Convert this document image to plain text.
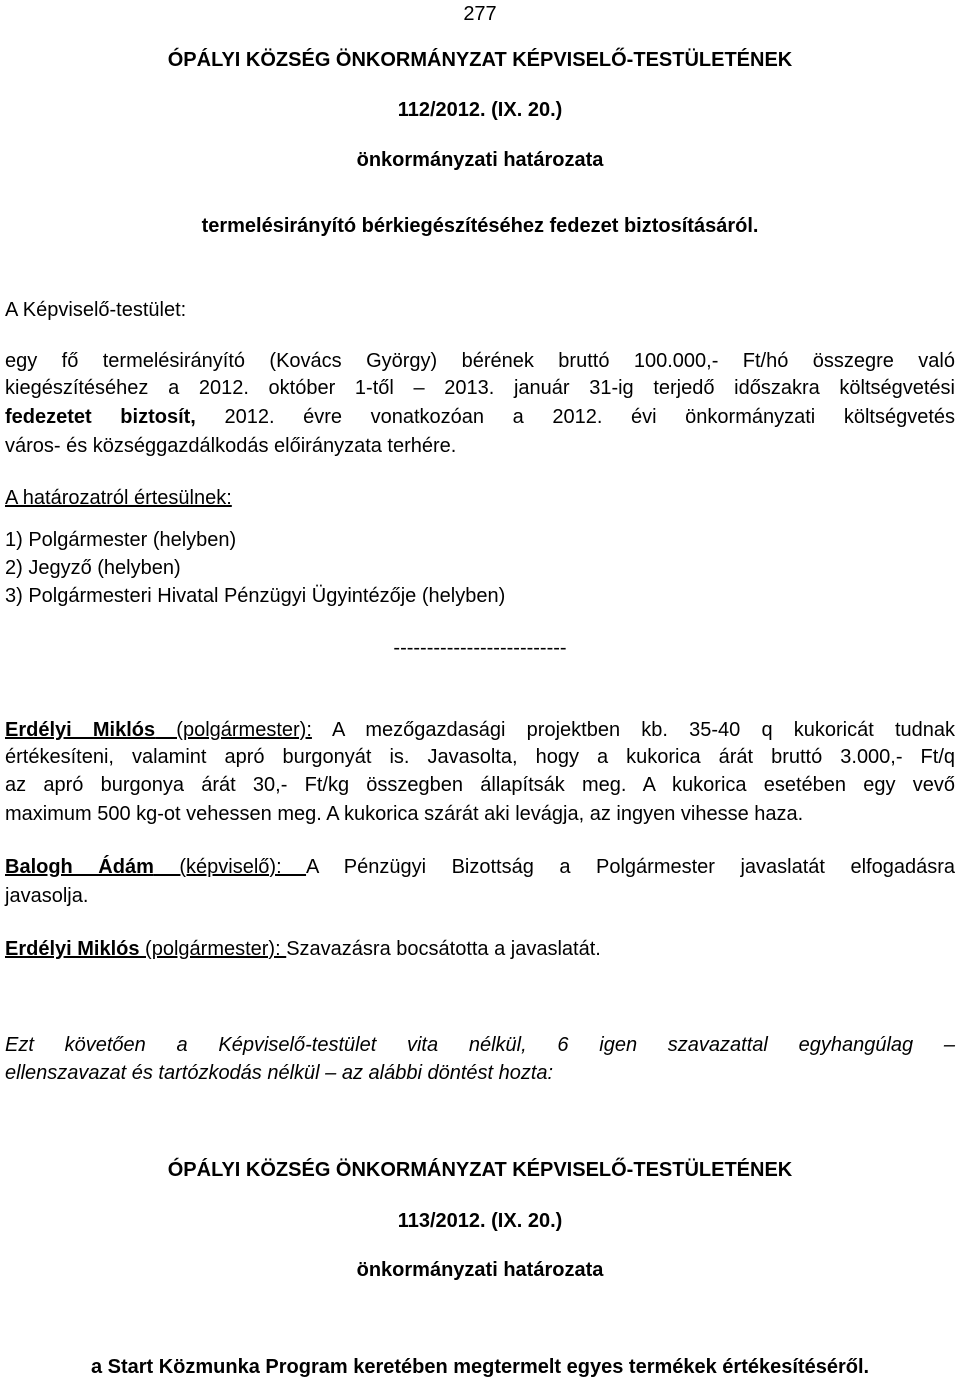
277
ÓPÁLYI KÖZSÉG ÖNKORMÁNYZAT KÉPVISELŐ-TESTÜLETÉNEK
112/2012. (IX. 20.)
önkormányzati határozata
termelésirányító bérkiegészítéséhez fedezet biztosításáról.
A Képviselő-testület:
egy fő termelésirányító (Kovács György) bérének bruttó 100.000,- Ft/hó összegre való
kiegészítéséhez a 2012. október 1-től – 2013. január 31-ig terjedő időszakra költségvetési
fedezetet biztosít, 2012. évre vonatkozóan a 2012. évi önkormányzati költségvetés
város- és községgazdálkodás előirányzata terhére.
A határozatról értesülnek:
1) Polgármester (helyben)
2) Jegyző (helyben)
3) Polgármesteri Hivatal Pénzügyi Ügyintézője (helyben)
--------------------------
Erdélyi Miklós (polgármester): A mezőgazdasági projektben kb. 35-40 q kukoricát tudnak
értékesíteni, valamint apró burgonyát is. Javasolta, hogy a kukorica árát bruttó 3.000,- Ft/q
az apró burgonya árát 30,- Ft/kg összegben állapítsák meg. A kukorica esetében egy vevő
maximum 500 kg-ot vehessen meg. A kukorica szárát aki levágja, az ingyen vihesse haza.
Balogh Ádám (képviselő): A Pénzügyi Bizottság a Polgármester javaslatát elfogadásra
javasolja.
Erdélyi Miklós (polgármester): Szavazásra bocsátotta a javaslatát.
Ezt követően a Képviselő-testület vita nélkül, 6 igen szavazattal egyhangúlag –
ellenszavazat és tartózkodás nélkül – az alábbi döntést hozta:
ÓPÁLYI KÖZSÉG ÖNKORMÁNYZAT KÉPVISELŐ-TESTÜLETÉNEK
113/2012. (IX. 20.)
önkormányzati határozata
a Start Közmunka Program keretében megtermelt egyes termékek értékesítéséről.
